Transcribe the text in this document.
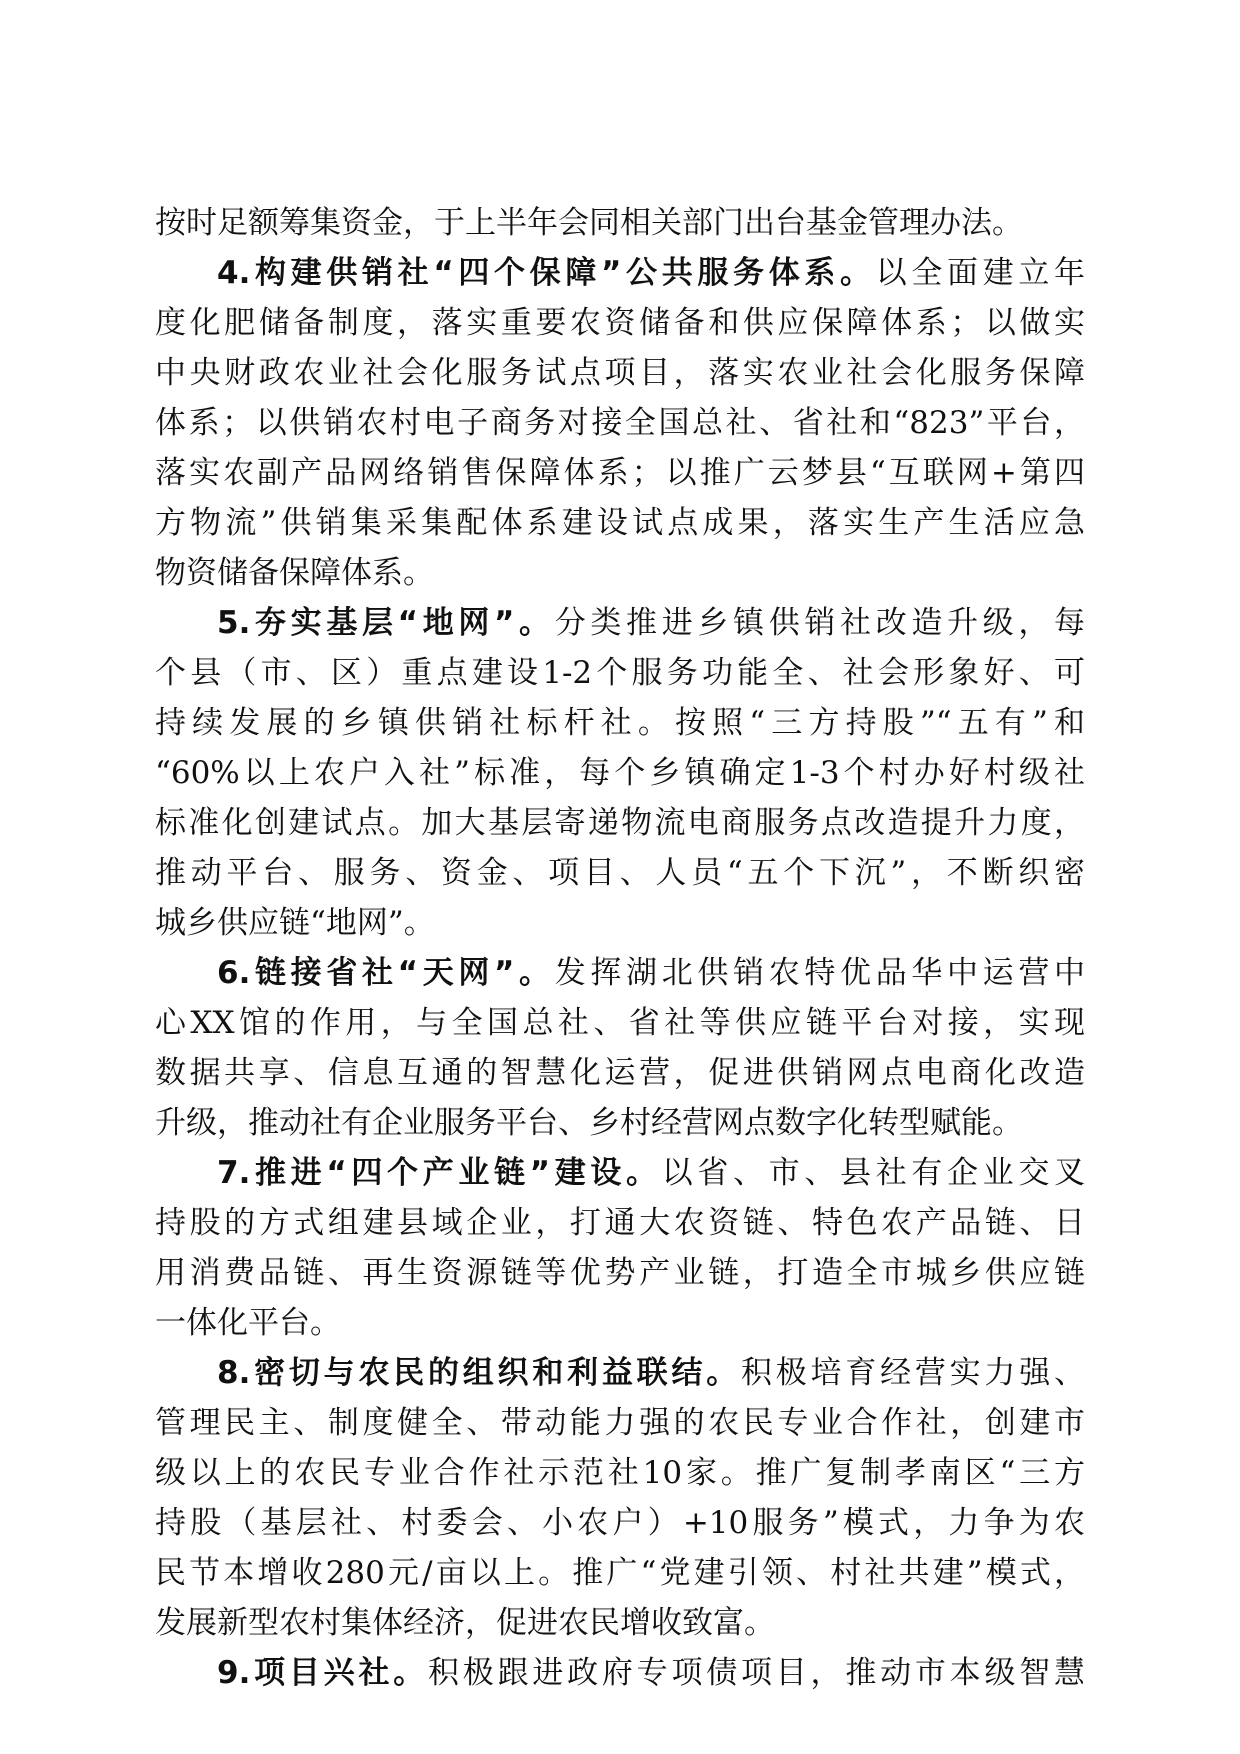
按时足额筹集资金，于上半年会同相关部门出台基金管理办法。
4.构建供销社“四个保障”公共服务体系。以全面建立年
度化肥储备制度，落实重要农资储备和供应保障体系；以做实
中央财政农业社会化服务试点项目，落实农业社会化服务保障
体系；以供销农村电子商务对接全国总社、省社和“823”平台，
落实农副产品网络销售保障体系；以推广云梦县“互联网+第四
方物流”供销集采集配体系建设试点成果，落实生产生活应急
物资储备保障体系。
5.夯实基层“地网”。分类推进乡镇供销社改造升级，每
个县（市、区）重点建设1-2个服务功能全、社会形象好、可
持续发展的乡镇供销社标杆社。按照“三方持股”“五有”和
“60%以上农户入社”标准，每个乡镇确定1-3个村办好村级社
标准化创建试点。加大基层寄递物流电商服务点改造提升力度，
推动平台、服务、资金、项目、人员“五个下沉”，不断织密
城乡供应链“地网”。
6.链接省社“天网”。发挥湖北供销农特优品华中运营中
心XX馆的作用，与全国总社、省社等供应链平台对接，实现
数据共享、信息互通的智慧化运营，促进供销网点电商化改造
升级，推动社有企业服务平台、乡村经营网点数字化转型赋能。
7.推进“四个产业链”建设。以省、市、县社有企业交叉
持股的方式组建县域企业，打通大农资链、特色农产品链、日
用消费品链、再生资源链等优势产业链，打造全市城乡供应链
一体化平台。
8.密切与农民的组织和利益联结。积极培育经营实力强、
管理民主、制度健全、带动能力强的农民专业合作社，创建市
级以上的农民专业合作社示范社10家。推广复制孝南区“三方
持股（基层社、村委会、小农户）+10服务”模式，力争为农
民节本增收280元/亩以上。推广“党建引领、村社共建”模式，
发展新型农村集体经济，促进农民增收致富。
9.项目兴社。积极跟进政府专项债项目，推动市本级智慧
